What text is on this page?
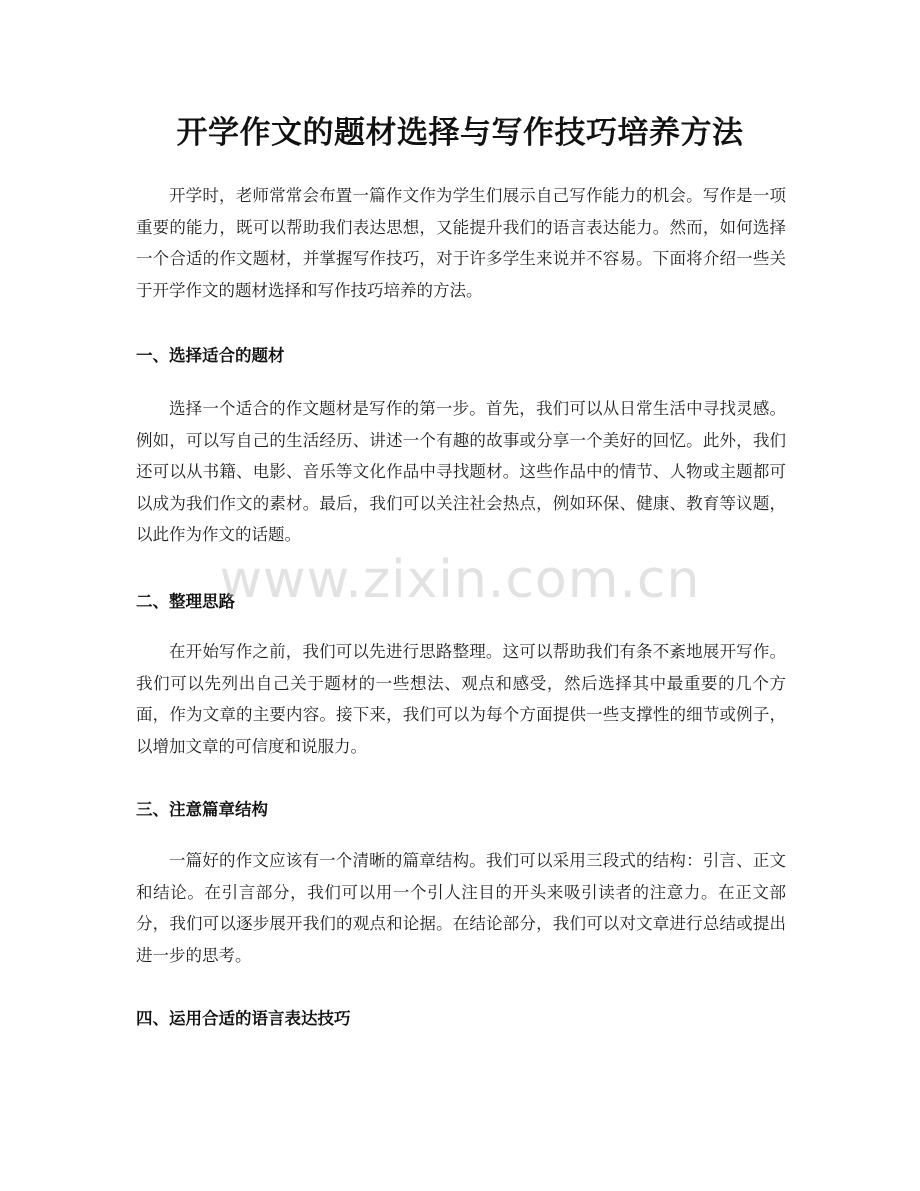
开学作文的题材选择与写作技巧培养方法

开学时，老师常常会布置一篇作文作为学生们展示自己写作能力的机会。写作是一项重要的能力，既可以帮助我们表达思想，又能提升我们的语言表达能力。然而，如何选择一个合适的作文题材，并掌握写作技巧，对于许多学生来说并不容易。下面将介绍一些关于开学作文的题材选择和写作技巧培养的方法。

一、选择适合的题材

选择一个适合的作文题材是写作的第一步。首先，我们可以从日常生活中寻找灵感。例如，可以写自己的生活经历、讲述一个有趣的故事或分享一个美好的回忆。此外，我们还可以从书籍、电影、音乐等文化作品中寻找题材。这些作品中的情节、人物或主题都可以成为我们作文的素材。最后，我们可以关注社会热点，例如环保、健康、教育等议题，以此作为作文的话题。

二、整理思路

在开始写作之前，我们可以先进行思路整理。这可以帮助我们有条不紊地展开写作。我们可以先列出自己关于题材的一些想法、观点和感受，然后选择其中最重要的几个方面，作为文章的主要内容。接下来，我们可以为每个方面提供一些支撑性的细节或例子，以增加文章的可信度和说服力。

三、注意篇章结构

一篇好的作文应该有一个清晰的篇章结构。我们可以采用三段式的结构：引言、正文和结论。在引言部分，我们可以用一个引人注目的开头来吸引读者的注意力。在正文部分，我们可以逐步展开我们的观点和论据。在结论部分，我们可以对文章进行总结或提出进一步的思考。

四、运用合适的语言表达技巧
www.zixin.com.cn
